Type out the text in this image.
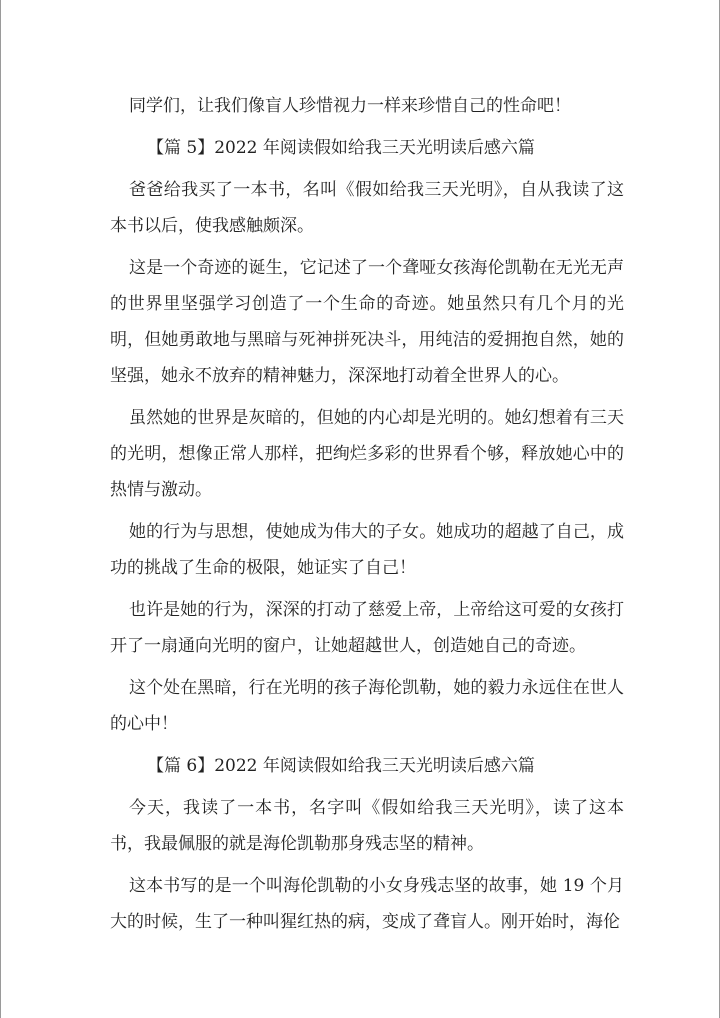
同学们，让我们像盲人珍惜视力一样来珍惜自己的性命吧！

【篇 5】2022 年阅读假如给我三天光明读后感六篇

爸爸给我买了一本书，名叫《假如给我三天光明》，自从我读了这本书以后，使我感触颇深。

这是一个奇迹的诞生，它记述了一个聋哑女孩海伦凯勒在无光无声的世界里坚强学习创造了一个生命的奇迹。她虽然只有几个月的光明，但她勇敢地与黑暗与死神拼死决斗，用纯洁的爱拥抱自然，她的坚强，她永不放弃的精神魅力，深深地打动着全世界人的心。

虽然她的世界是灰暗的，但她的内心却是光明的。她幻想着有三天的光明，想像正常人那样，把绚烂多彩的世界看个够，释放她心中的热情与激动。

她的行为与思想，使她成为伟大的子女。她成功的超越了自己，成功的挑战了生命的极限，她证实了自己！

也许是她的行为，深深的打动了慈爱上帝，上帝给这可爱的女孩打开了一扇通向光明的窗户，让她超越世人，创造她自己的奇迹。

这个处在黑暗，行在光明的孩子海伦凯勒，她的毅力永远住在世人的心中！

【篇 6】2022 年阅读假如给我三天光明读后感六篇

今天，我读了一本书，名字叫《假如给我三天光明》，读了这本书，我最佩服的就是海伦凯勒那身残志坚的精神。

这本书写的是一个叫海伦凯勒的小女身残志坚的故事，她 19 个月大的时候，生了一种叫猩红热的病，变成了聋盲人。刚开始时，海伦
